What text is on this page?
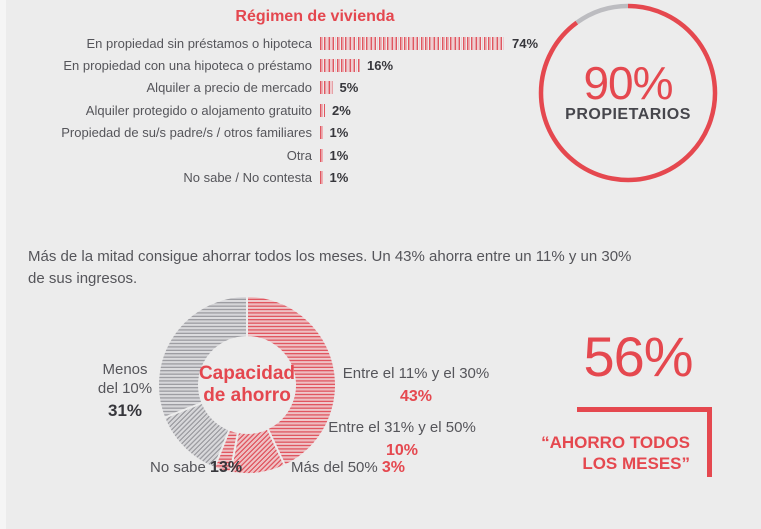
Régimen de vivienda
En propiedad sin préstamos o hipoteca	74%
En propiedad con una hipoteca o préstamo	16%
Alquiler a precio de mercado 5%
Alquiler protegido o alojamento gratuito 2%
Propiedad de su/s padre/s / otros familiares 1%
Otra 1%
No sabe / No contesta 1%
90%
PROPIETARIOS
Más de la mitad consigue ahorrar todos los meses. Un 43% ahorra entre un 11% y un 30%
de sus ingresos.
Capacidad
de ahorro
Menos
del 10%
31%
Entre el 11% y el 30%
43%
Entre el 31% y el 50%
10%
No sabe 13%	Más del 50% 3%
56%
“AHORRO TODOS
LOS MESES”
